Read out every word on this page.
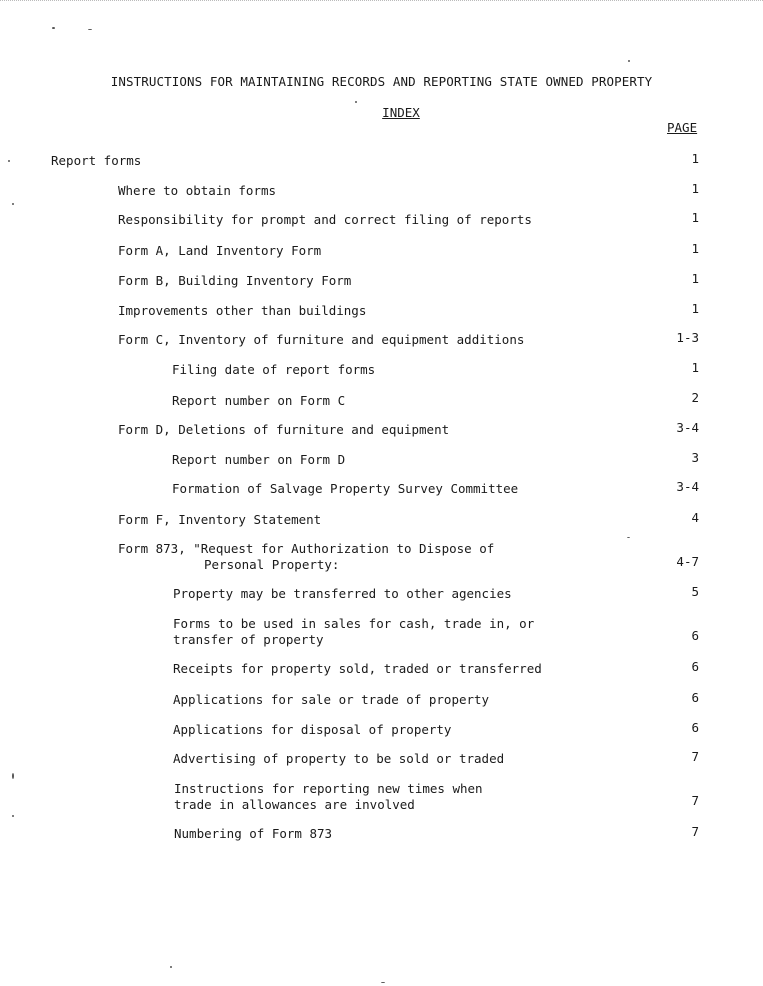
INSTRUCTIONS FOR MAINTAINING RECORDS AND REPORTING STATE OWNED PROPERTY
INDEX
PAGE
Report forms	1
Where to obtain forms	1
Responsibility for prompt and correct filing of reports	1
Form A, Land Inventory Form	1
Form B, Building Inventory Form	1
Improvements other than buildings	1
Form C, Inventory of furniture and equipment additions	1-3
Filing date of report forms	1
Report number on Form C	2
Form D, Deletions of furniture and equipment	3-4
Report number on Form D	3
Formation of Salvage Property Survey Committee	3-4
Form F, Inventory Statement	4
Form 873, "Request for Authorization to Dispose of
Personal Property:	4-7
Property may be transferred to other agencies	5
Forms to be used in sales for cash, trade in, or
transfer of property	6
Receipts for property sold, traded or transferred	6
Applications for sale or trade of property	6
Applications for disposal of property	6
Advertising of property to be sold or traded	7
Instructions for reporting new times when
trade in allowances are involved	7
Numbering of Form 873	7
